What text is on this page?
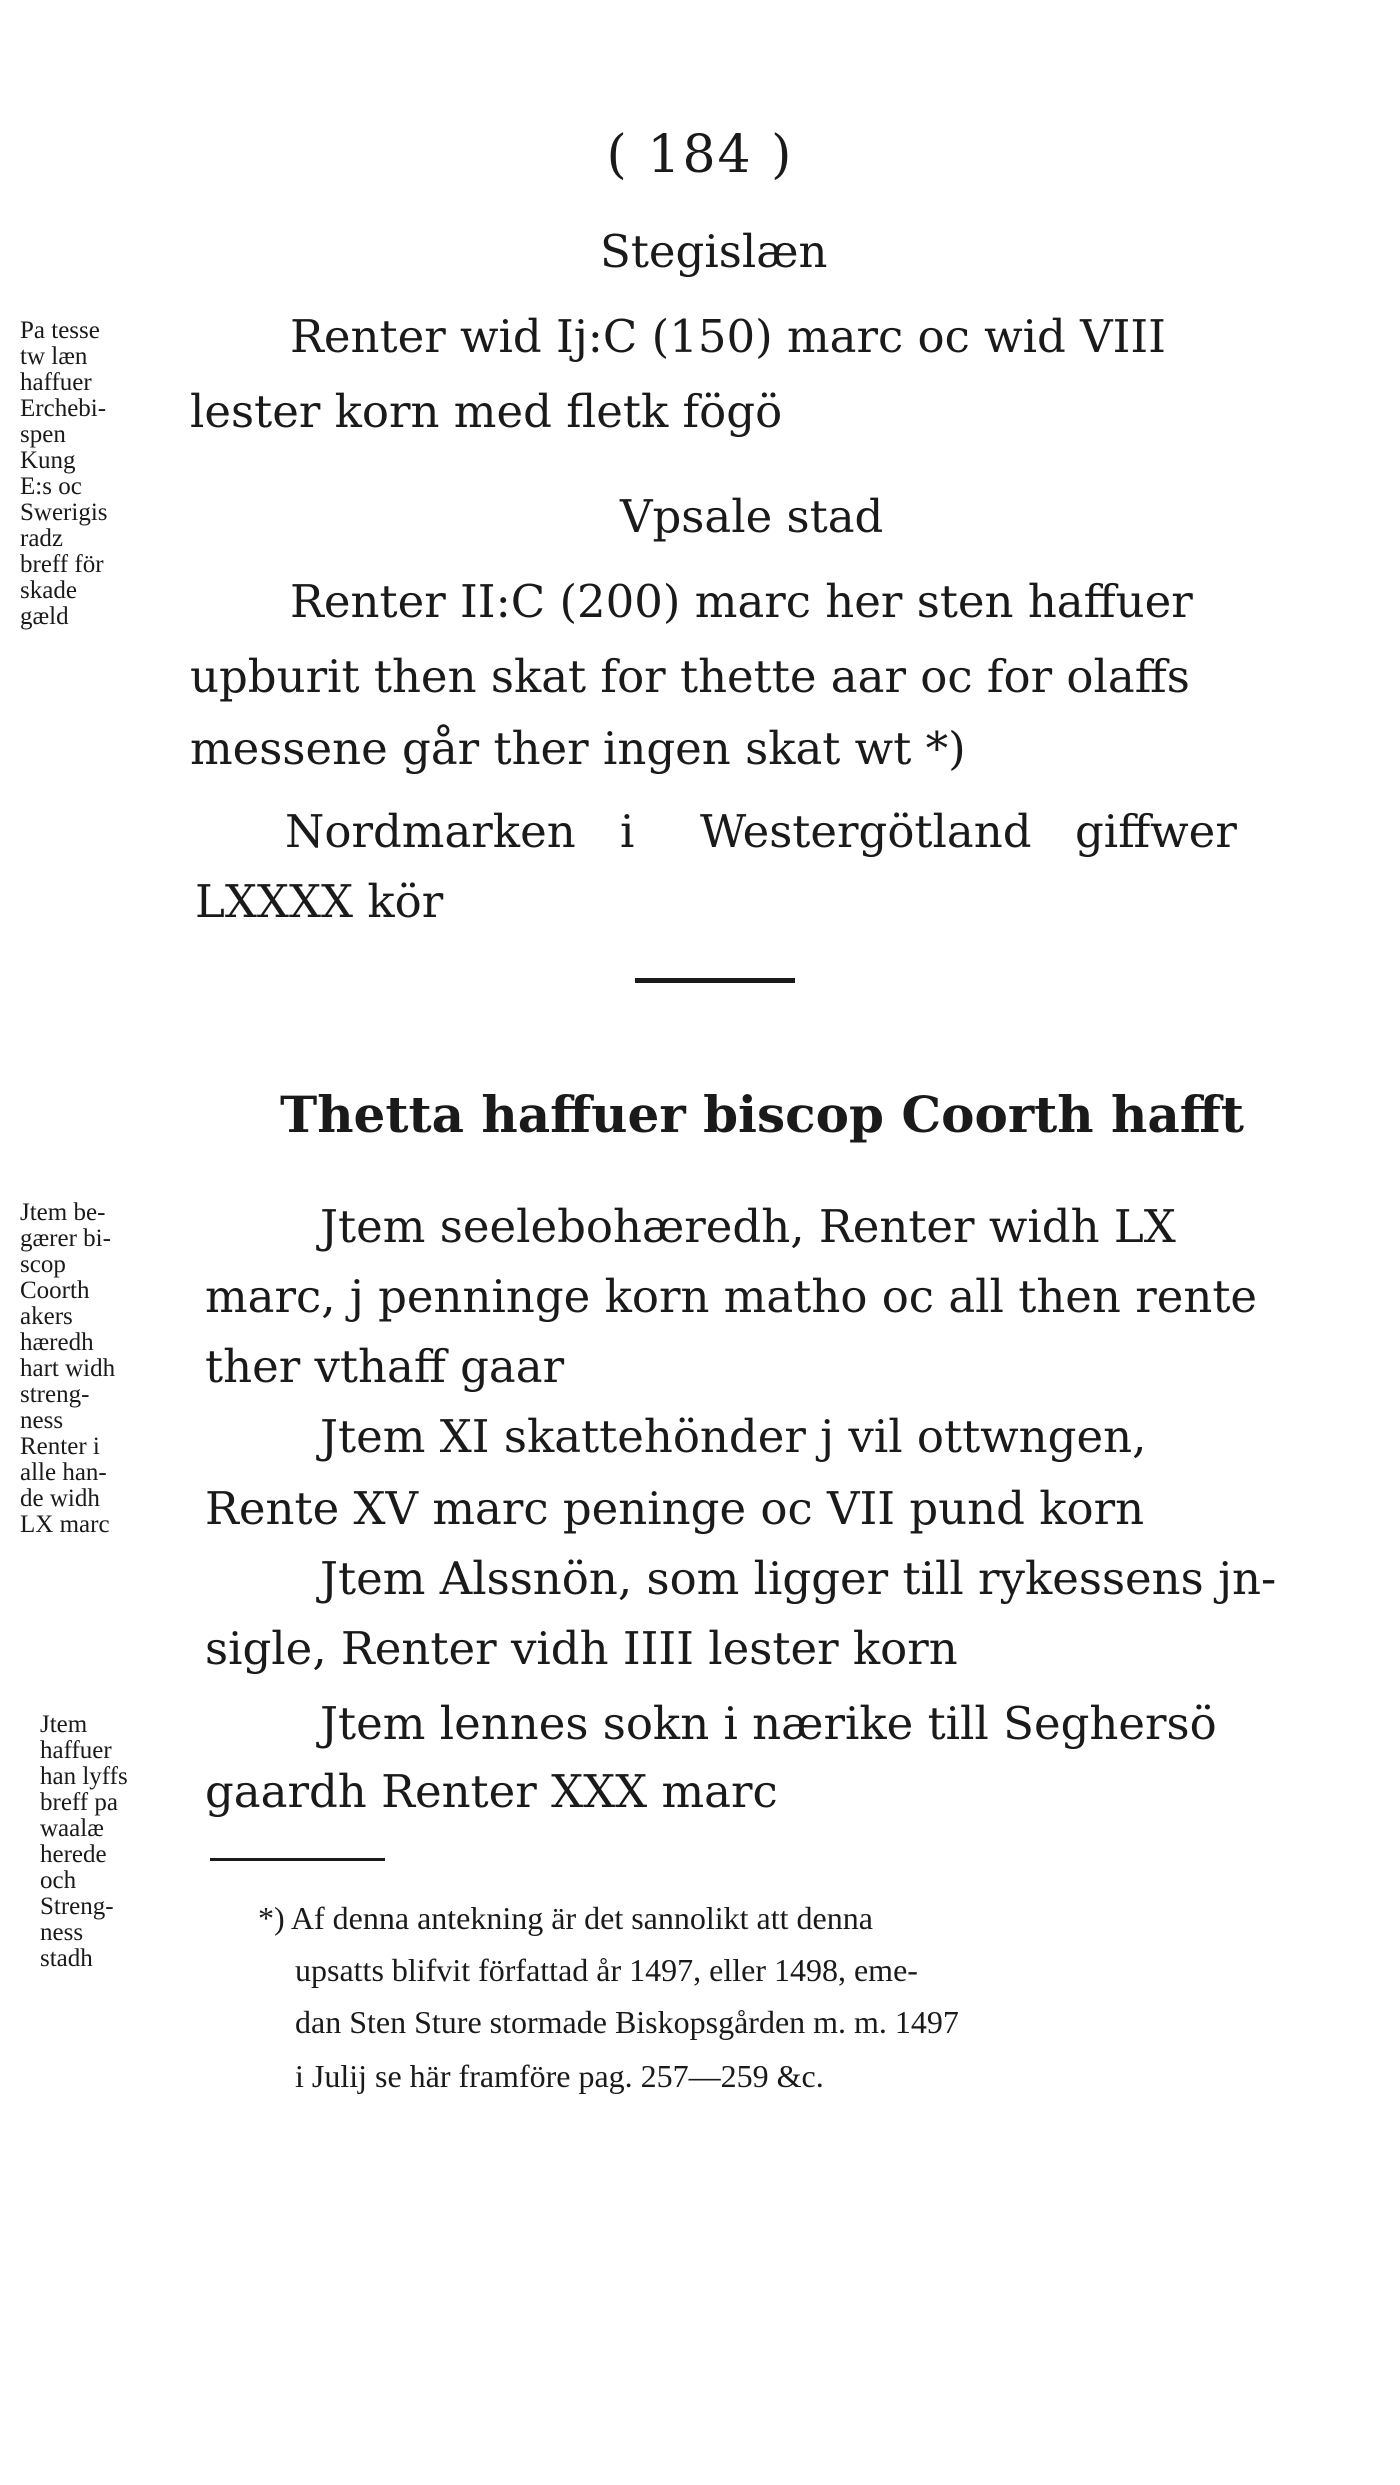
( 184 )
Stegislæn
Renter wid Ij:C (150) marc oc wid VIII
lester korn med fletk fögö
Vpsale stad
Renter II:C (200) marc her sten haffuer
upburit then skat for thette aar oc for olaffs
messene går ther ingen skat wt *)
Nordmarken i Westergötland giffwer
LXXXX kör
Thetta haffuer biscop Coorth hafft
Jtem seelebohæredh, Renter widh LX
marc, j penninge korn matho oc all then rente
ther vthaff gaar
Jtem XI skattehönder j vil ottwngen,
Rente XV marc peninge oc VII pund korn
Jtem Alssnön, som ligger till rykessens jn-
sigle, Renter vidh IIII lester korn
Jtem lennes sokn i nærike till Seghersö
gaardh Renter XXX marc
*) Af denna antekning är det sannolikt att denna
upsatts blifvit författad år 1497, eller 1498, eme-
dan Sten Sture stormade Biskopsgården m. m. 1497
i Julij se här framföre pag. 257—259 &c.
Pa tesse
tw læn
haffuer
Erchebi-
spen
Kung
E:s oc
Swerigis
radz
breff för
skade
gæld
Jtem be-
gærer bi-
scop
Coorth
akers
hæredh
hart widh
streng-
ness
Renter i
alle han-
de widh
LX marc
Jtem
haffuer
han lyffs
breff pa
waalæ
herede
och
Streng-
ness
stadh
